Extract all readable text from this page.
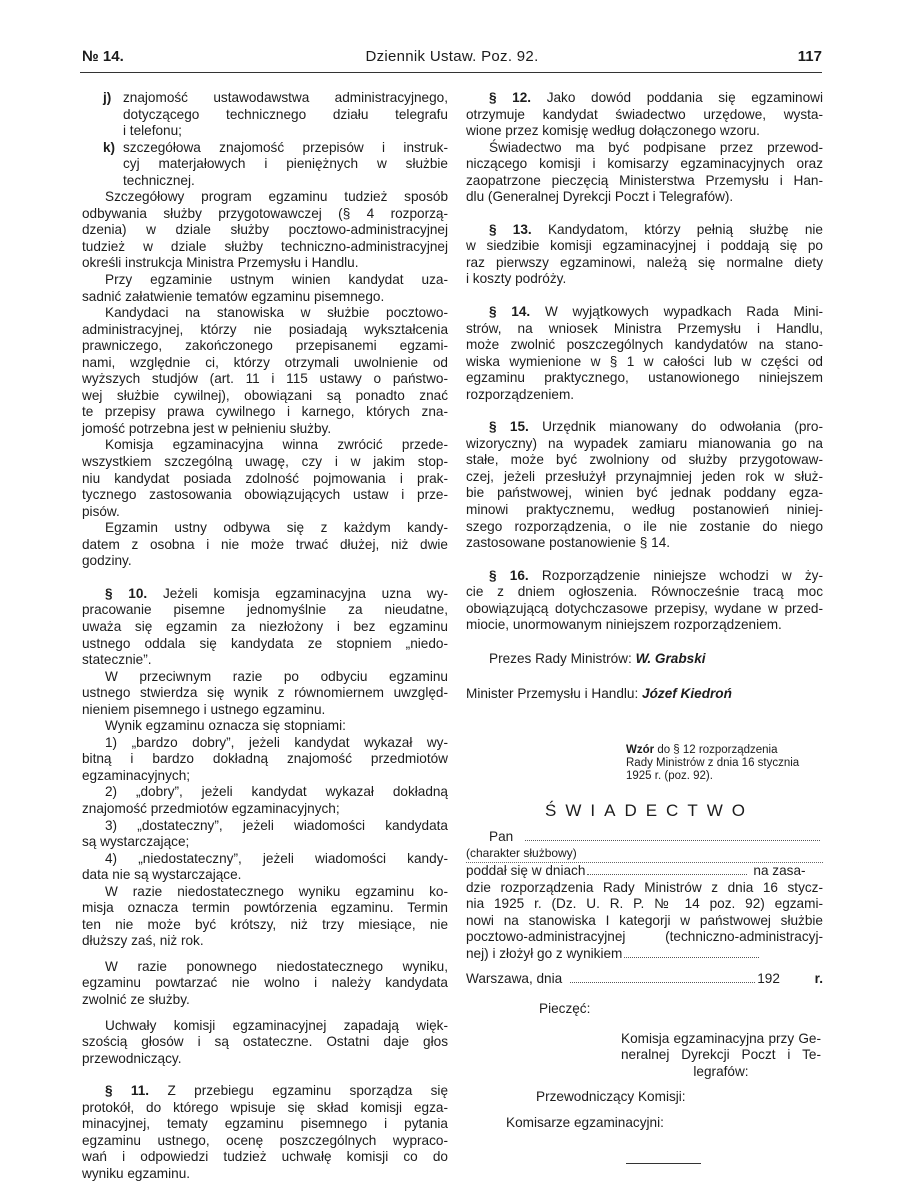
№ 14.	Dziennik Ustaw. Poz. 92.	117
j) znajomość ustawodawstwa administracyjnego,
dotyczącego technicznego działu telegrafu
i telefonu;
k) szczegółowa znajomość przepisów i instruk-
cyj materjałowych i pieniężnych w służbie
technicznej.
Szczegółowy program egzaminu tudzież sposób
odbywania służby przygotowawczej (§ 4 rozporzą-
dzenia) w dziale służby pocztowo-administracyjnej
tudzież w dziale służby techniczno-administracyjnej
określi instrukcja Ministra Przemysłu i Handlu.
Przy egzaminie ustnym winien kandydat uza-
sadnić załatwienie tematów egzaminu pisemnego.
Kandydaci na stanowiska w służbie pocztowo-
administracyjnej, którzy nie posiadają wykształcenia
prawniczego, zakończonego przepisanemi egzami-
nami, względnie ci, którzy otrzymali uwolnienie od
wyższych studjów (art. 11 i 115 ustawy o państwo-
wej służbie cywilnej), obowiązani są ponadto znać
te przepisy prawa cywilnego i karnego, których zna-
jomość potrzebna jest w pełnieniu służby.
Komisja egzaminacyjna winna zwrócić przede-
wszystkiem szczególną uwagę, czy i w jakim stop-
niu kandydat posiada zdolność pojmowania i prak-
tycznego zastosowania obowiązujących ustaw i prze-
pisów.
Egzamin ustny odbywa się z każdym kandy-
datem z osobna i nie może trwać dłużej, niż dwie
godziny.
§ 10. Jeżeli komisja egzaminacyjna uzna wy-
pracowanie pisemne jednomyślnie za nieudatne,
uważa się egzamin za niezłożony i bez egzaminu
ustnego oddala się kandydata ze stopniem „niedo-
statecznie”.
W przeciwnym razie po odbyciu egzaminu
ustnego stwierdza się wynik z równomiernem uwzględ-
nieniem pisemnego i ustnego egzaminu.
Wynik egzaminu oznacza się stopniami:
1) „bardzo dobry”, jeżeli kandydat wykazał wy-
bitną i bardzo dokładną znajomość przedmiotów
egzaminacyjnych;
2) „dobry”, jeżeli kandydat wykazał dokładną
znajomość przedmiotów egzaminacyjnych;
3) „dostateczny”, jeżeli wiadomości kandydata
są wystarczające;
4) „niedostateczny”, jeżeli wiadomości kandy-
data nie są wystarczające.
W razie niedostatecznego wyniku egzaminu ko-
misja oznacza termin powtórzenia egzaminu. Termin
ten nie może być krótszy, niż trzy miesiące, nie
dłuższy zaś, niż rok.
W razie ponownego niedostatecznego wyniku,
egzaminu powtarzać nie wolno i należy kandydata
zwolnić ze służby.
Uchwały komisji egzaminacyjnej zapadają więk-
szością głosów i są ostateczne. Ostatni daje głos
przewodniczący.
§ 11. Z przebiegu egzaminu sporządza się
protokół, do którego wpisuje się skład komisji egza-
minacyjnej, tematy egzaminu pisemnego i pytania
egzaminu ustnego, ocenę poszczególnych wypraco-
wań i odpowiedzi tudzież uchwałę komisji co do
wyniku egzaminu.
§ 12. Jako dowód poddania się egzaminowi
otrzymuje kandydat świadectwo urzędowe, wysta-
wione przez komisję według dołączonego wzoru.
Świadectwo ma być podpisane przez przewod-
niczącego komisji i komisarzy egzaminacyjnych oraz
zaopatrzone pieczęcią Ministerstwa Przemysłu i Han-
dlu (Generalnej Dyrekcji Poczt i Telegrafów).
§ 13. Kandydatom, którzy pełnią służbę nie
w siedzibie komisji egzaminacyjnej i poddają się po
raz pierwszy egzaminowi, należą się normalne diety
i koszty podróży.
§ 14. W wyjątkowych wypadkach Rada Mini-
strów, na wniosek Ministra Przemysłu i Handlu,
może zwolnić poszczególnych kandydatów na stano-
wiska wymienione w § 1 w całości lub w części od
egzaminu praktycznego, ustanowionego niniejszem
rozporządzeniem.
§ 15. Urzędnik mianowany do odwołania (pro-
wizoryczny) na wypadek zamiaru mianowania go na
stałe, może być zwolniony od służby przygotowaw-
czej, jeżeli przesłużył przynajmniej jeden rok w służ-
bie państwowej, winien być jednak poddany egza-
minowi praktycznemu, według postanowień niniej-
szego rozporządzenia, o ile nie zostanie do niego
zastosowane postanowienie § 14.
§ 16. Rozporządzenie niniejsze wchodzi w ży-
cie z dniem ogłoszenia. Równocześnie tracą moc
obowiązującą dotychczasowe przepisy, wydane w przed-
miocie, unormowanym niniejszem rozporządzeniem.
Prezes Rady Ministrów: W. Grabski
Minister Przemysłu i Handlu: Józef Kiedroń
Wzór do § 12 rozporządzenia
Rady Ministrów z dnia 16 stycznia
1925 r. (poz. 92).
ŚWIADECTWO
Pan
(charakter służbowy)
poddał się w dniach	na zasa-
dzie rozporządzenia Rady Ministrów z dnia 16 stycz-
nia 1925 r. (Dz. U. R. P. № 14 poz. 92) egzami-
nowi na stanowiska I kategorji w państwowej służbie
pocztowo-administracyjnej (techniczno-administracyj-
nej) i złożył go z wynikiem
Warszawa, dnia	192	r.
Pieczęć:
Komisja egzaminacyjna przy Ge-
neralnej Dyrekcji Poczt i Te-
legrafów:
Przewodniczący Komisji:
Komisarze egzaminacyjni:
